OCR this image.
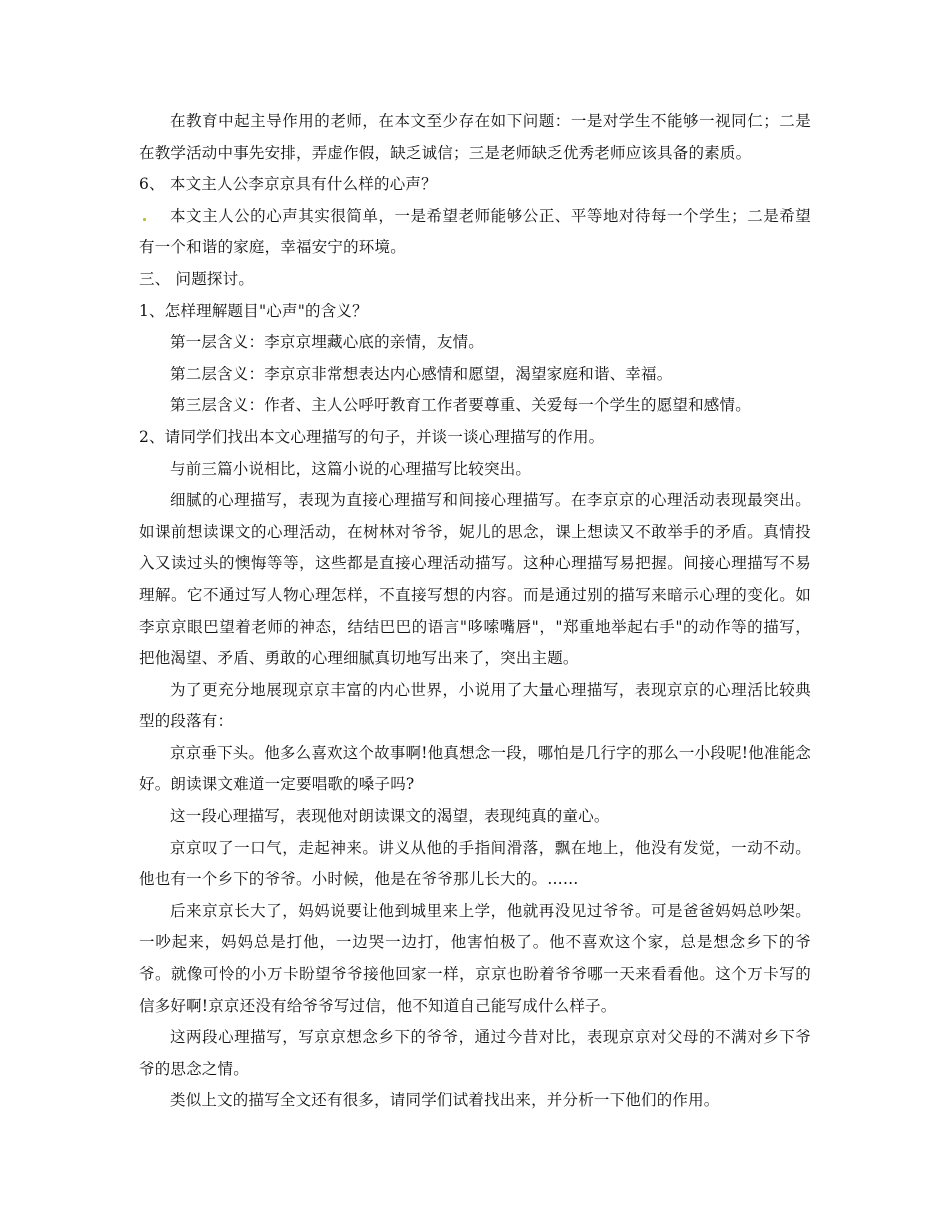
在教育中起主导作用的老师，在本文至少存在如下问题：一是对学生不能够一视同仁；二是在教学活动中事先安排，弄虚作假，缺乏诚信；三是老师缺乏优秀老师应该具备的素质。

6、 本文主人公李京京具有什么样的心声？

本文主人公的心声其实很简单，一是希望老师能够公正、平等地对待每一个学生；二是希望有一个和谐的家庭，幸福安宁的环境。

三、 问题探讨。

1、怎样理解题目"心声"的含义？

第一层含义：李京京埋藏心底的亲情，友情。

第二层含义：李京京非常想表达内心感情和愿望，渴望家庭和谐、幸福。

第三层含义：作者、主人公呼吁教育工作者要尊重、关爱每一个学生的愿望和感情。

2、请同学们找出本文心理描写的句子，并谈一谈心理描写的作用。

与前三篇小说相比，这篇小说的心理描写比较突出。

细腻的心理描写，表现为直接心理描写和间接心理描写。在李京京的心理活动表现最突出。如课前想读课文的心理活动，在树林对爷爷，妮儿的思念，课上想读又不敢举手的矛盾。真情投入又读过头的懊悔等等，这些都是直接心理活动描写。这种心理描写易把握。间接心理描写不易理解。它不通过写人物心理怎样，不直接写想的内容。而是通过别的描写来暗示心理的变化。如李京京眼巴望着老师的神态，结结巴巴的语言"哆嗦嘴唇"，"郑重地举起右手"的动作等的描写，把他渴望、矛盾、勇敢的心理细腻真切地写出来了，突出主题。

为了更充分地展现京京丰富的内心世界，小说用了大量心理描写，表现京京的心理活比较典型的段落有：

京京垂下头。他多么喜欢这个故事啊!他真想念一段，哪怕是几行字的那么一小段呢!他准能念好。朗读课文难道一定要唱歌的嗓子吗?

这一段心理描写，表现他对朗读课文的渴望，表现纯真的童心。

京京叹了一口气，走起神来。讲义从他的手指间滑落，飘在地上，他没有发觉，一动不动。他也有一个乡下的爷爷。小时候，他是在爷爷那儿长大的。……

后来京京长大了，妈妈说要让他到城里来上学，他就再没见过爷爷。可是爸爸妈妈总吵架。一吵起来，妈妈总是打他，一边哭一边打，他害怕极了。他不喜欢这个家，总是想念乡下的爷爷。就像可怜的小万卡盼望爷爷接他回家一样，京京也盼着爷爷哪一天来看看他。这个万卡写的信多好啊!京京还没有给爷爷写过信，他不知道自己能写成什么样子。

这两段心理描写，写京京想念乡下的爷爷，通过今昔对比，表现京京对父母的不满对乡下爷爷的思念之情。

类似上文的描写全文还有很多，请同学们试着找出来，并分析一下他们的作用。
